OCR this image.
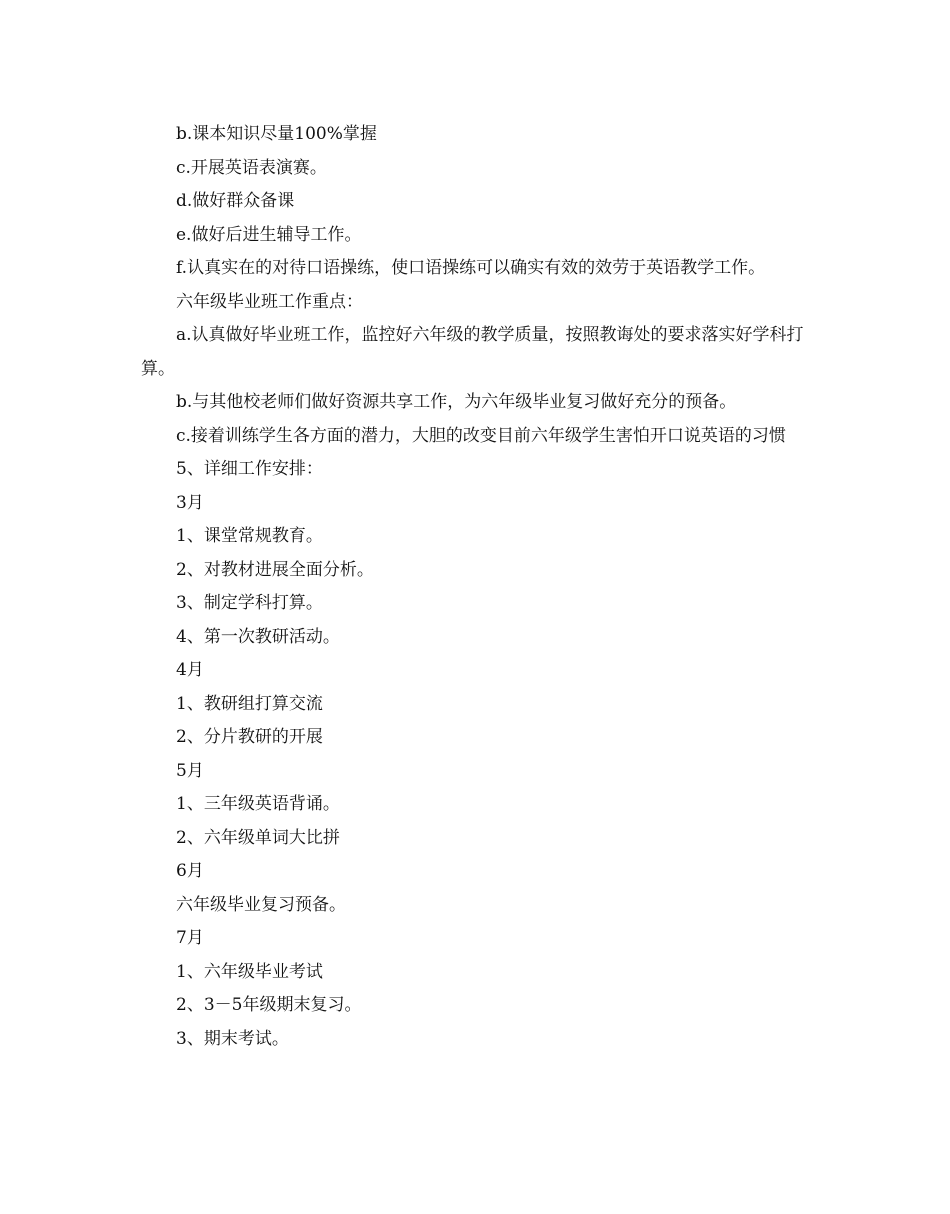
b.课本知识尽量100%掌握

c.开展英语表演赛。

d.做好群众备课

e.做好后进生辅导工作。

f.认真实在的对待口语操练，使口语操练可以确实有效的效劳于英语教学工作。

六年级毕业班工作重点：

a.认真做好毕业班工作，监控好六年级的教学质量，按照教诲处的要求落实好学科打算。

b.与其他校老师们做好资源共享工作，为六年级毕业复习做好充分的预备。

c.接着训练学生各方面的潜力，大胆的改变目前六年级学生害怕开口说英语的习惯

5、详细工作安排：

3月

1、课堂常规教育。

2、对教材进展全面分析。

3、制定学科打算。

4、第一次教研活动。

4月

1、教研组打算交流

2、分片教研的开展

5月

1、三年级英语背诵。

2、六年级单词大比拼

6月

六年级毕业复习预备。

7月

1、六年级毕业考试

2、3－5年级期末复习。

3、期末考试。
